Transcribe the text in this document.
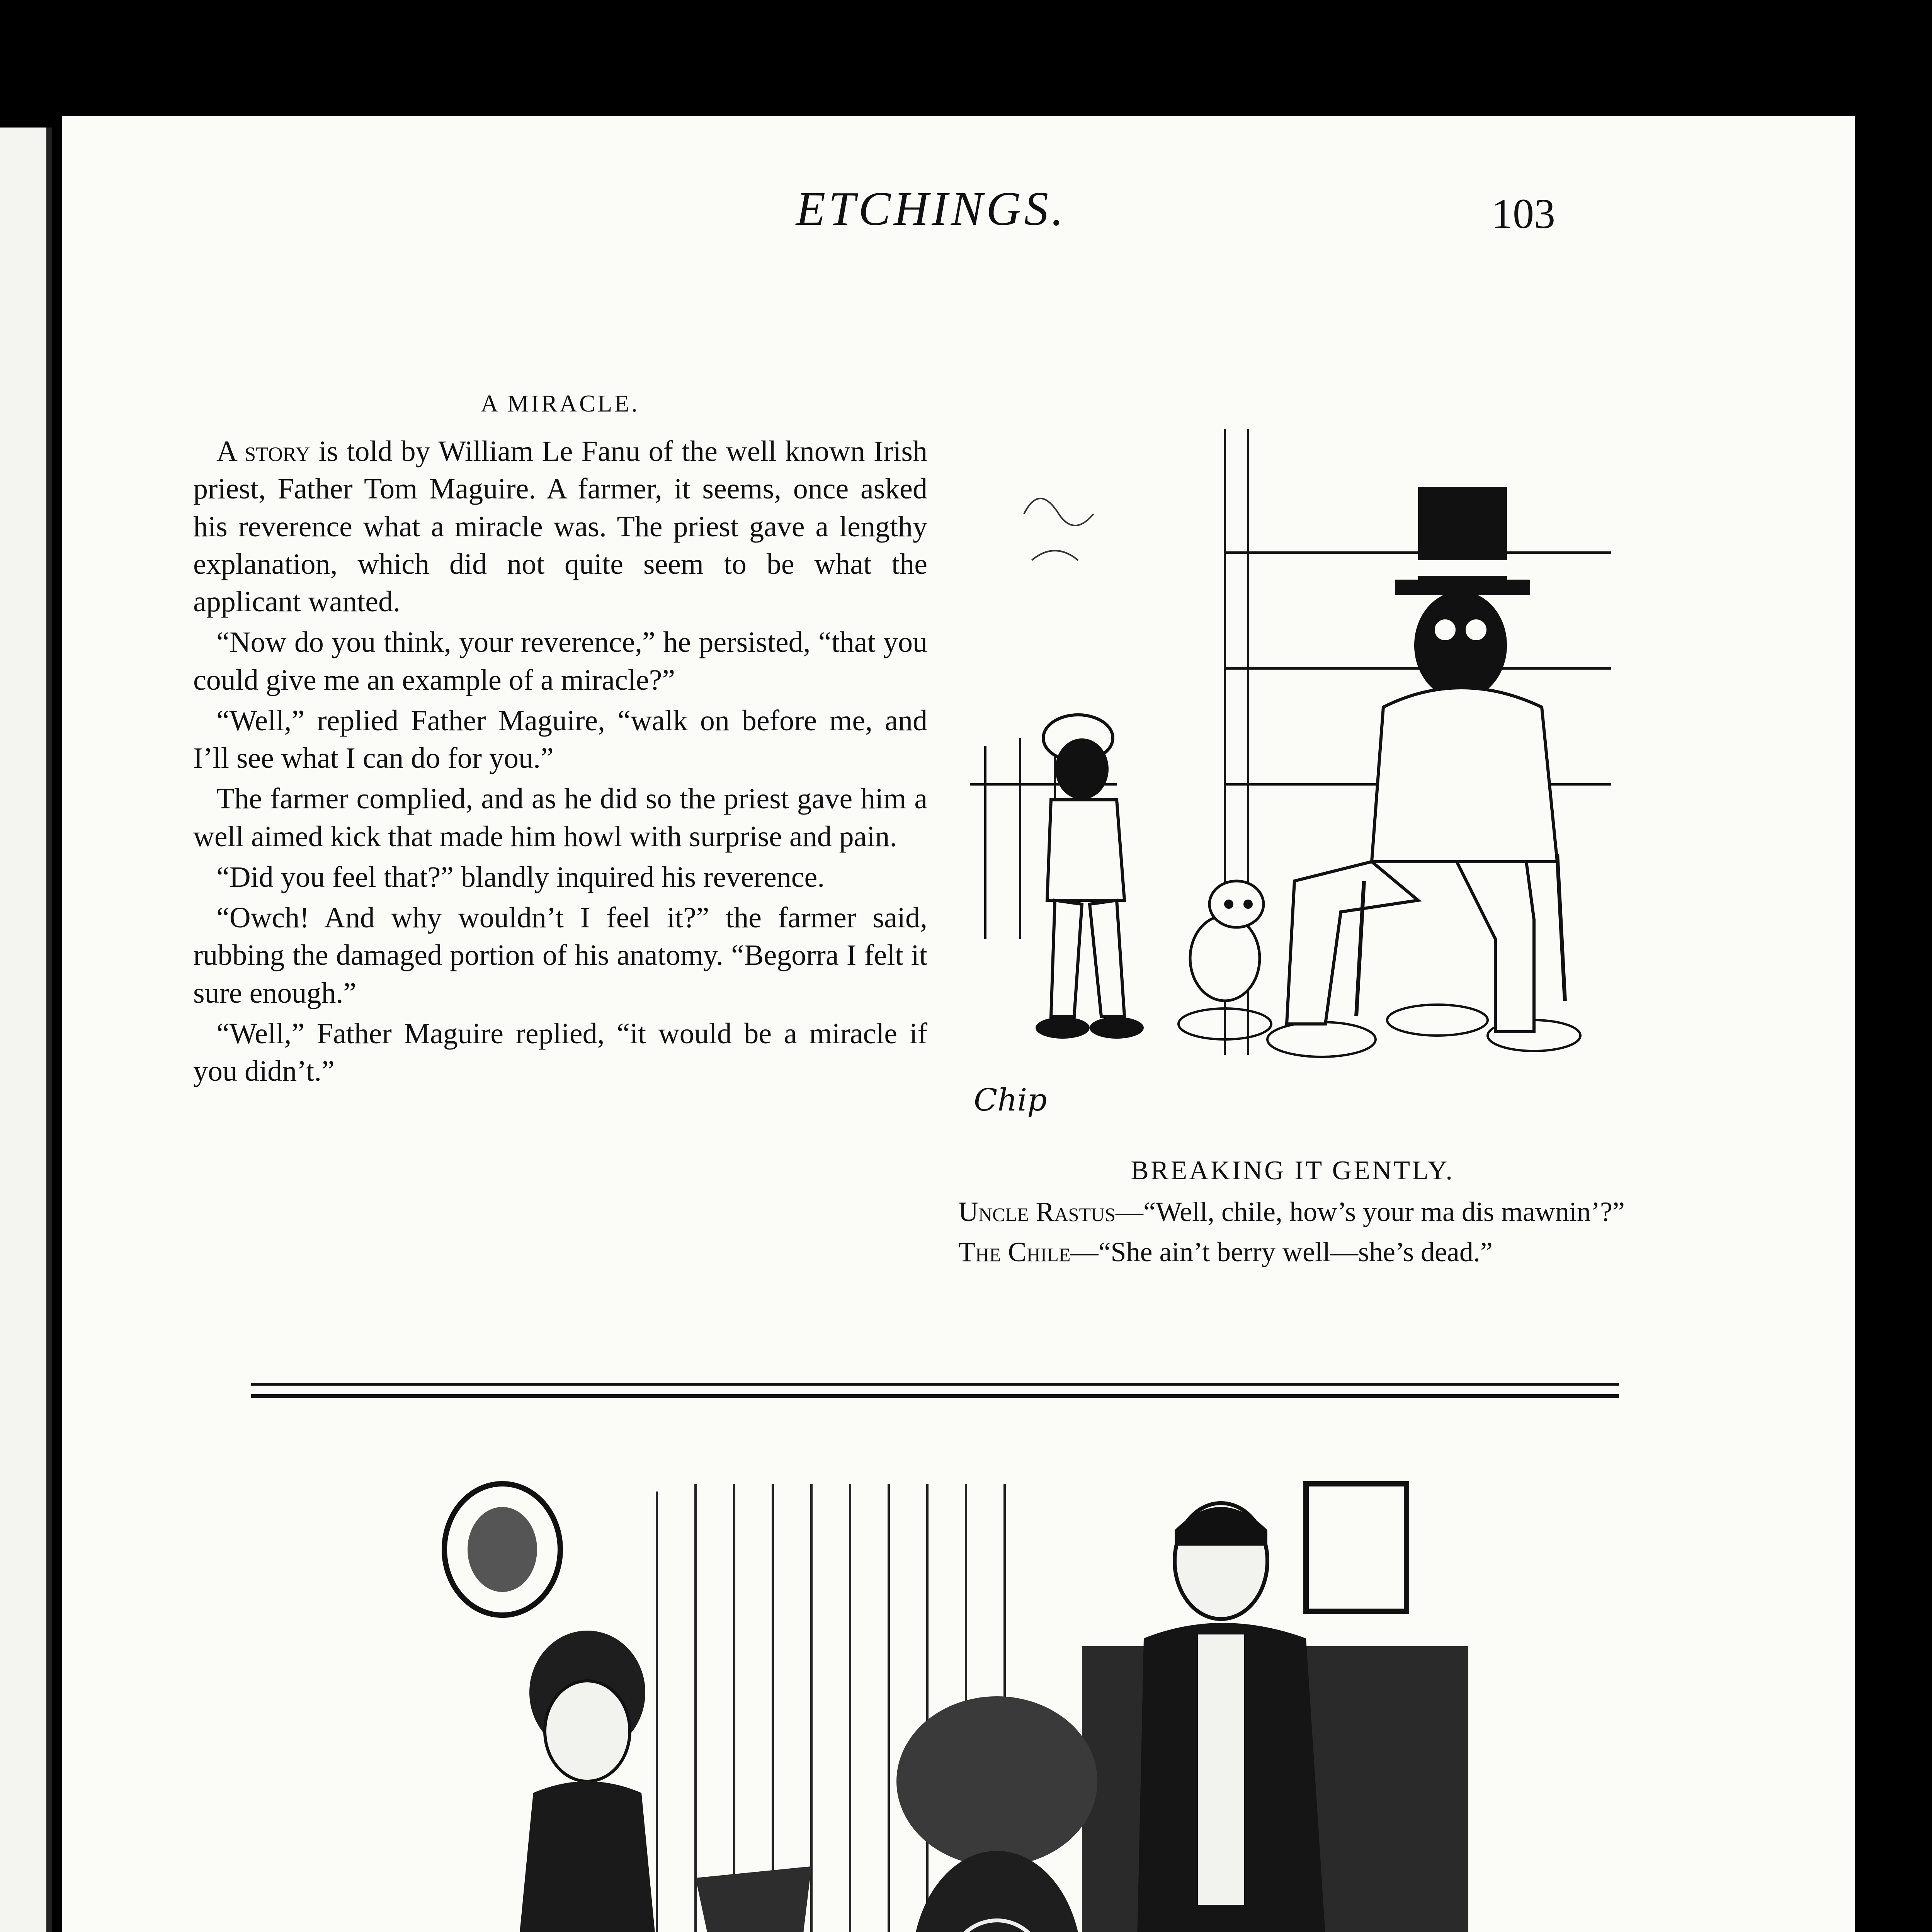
ETCHINGS.	103
A MIRACLE.

A story is told by William Le Fanu of the well known Irish priest, Father Tom Maguire. A farmer, it seems, once asked his reverence what a miracle was. The priest gave a lengthy explanation, which did not quite seem to be what the applicant wanted.

“Now do you think, your reverence,” he persisted, “that you could give me an example of a miracle?”

“Well,” replied Father Maguire, “walk on before me, and I’ll see what I can do for you.”

The farmer complied, and as he did so the priest gave him a well aimed kick that made him howl with surprise and pain.

“Did you feel that?” blandly inquired his reverence.

“Owch! And why wouldn’t I feel it?” the farmer said, rubbing the damaged portion of his anatomy. “Begorra I felt it sure enough.”

“Well,” Father Maguire replied, “it would be a miracle if you didn’t.”

Chip
BREAKING IT GENTLY.

Uncle Rastus—“Well, chile, how’s your ma dis mawnin’?”

The Chile—“She ain’t berry well—she’s dead.”
